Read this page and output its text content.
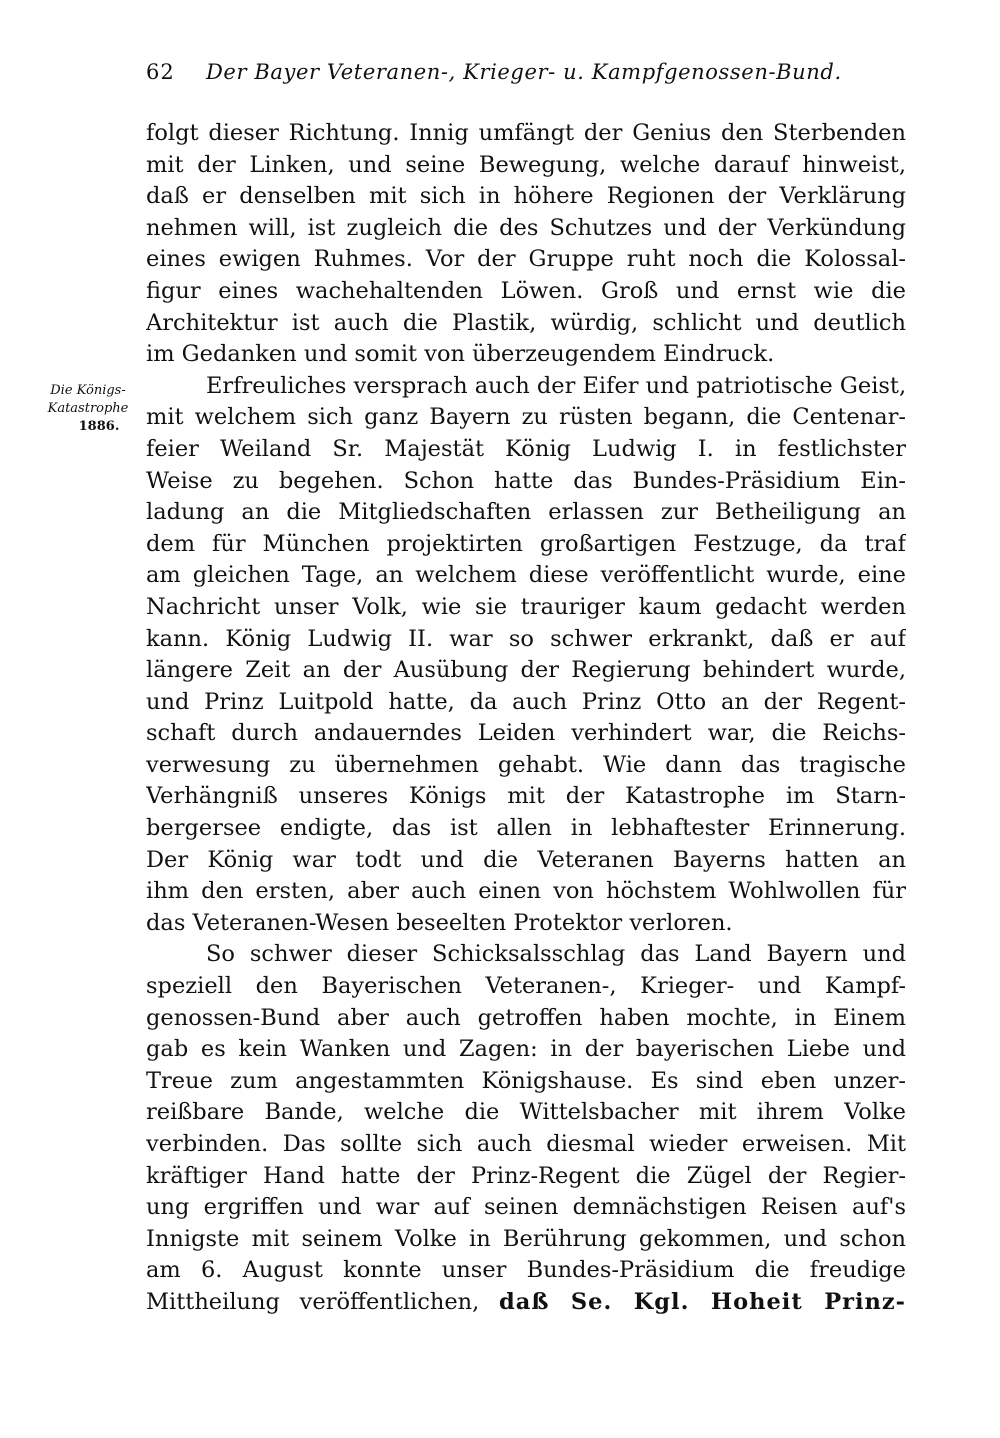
62 Der Bayer Veteranen-, Krieger- u. Kampfgenossen-Bund.
Die Königs-
Katastrophe
1886.
folgt dieser Richtung. Innig umfängt der Genius den Sterbenden
mit der Linken, und seine Bewegung, welche darauf hinweist,
daß er denselben mit sich in höhere Regionen der Verklärung
nehmen will, ist zugleich die des Schutzes und der Verkündung
eines ewigen Ruhmes. Vor der Gruppe ruht noch die Kolossal-
figur eines wachehaltenden Löwen. Groß und ernst wie die
Architektur ist auch die Plastik, würdig, schlicht und deutlich
im Gedanken und somit von überzeugendem Eindruck.
Erfreuliches versprach auch der Eifer und patriotische Geist,
mit welchem sich ganz Bayern zu rüsten begann, die Centenar-
feier Weiland Sr. Majestät König Ludwig I. in festlichster
Weise zu begehen. Schon hatte das Bundes-Präsidium Ein-
ladung an die Mitgliedschaften erlassen zur Betheiligung an
dem für München projektirten großartigen Festzuge, da traf
am gleichen Tage, an welchem diese veröffentlicht wurde, eine
Nachricht unser Volk, wie sie trauriger kaum gedacht werden
kann. König Ludwig II. war so schwer erkrankt, daß er auf
längere Zeit an der Ausübung der Regierung behindert wurde,
und Prinz Luitpold hatte, da auch Prinz Otto an der Regent-
schaft durch andauerndes Leiden verhindert war, die Reichs-
verwesung zu übernehmen gehabt. Wie dann das tragische
Verhängniß unseres Königs mit der Katastrophe im Starn-
bergersee endigte, das ist allen in lebhaftester Erinnerung.
Der König war todt und die Veteranen Bayerns hatten an
ihm den ersten, aber auch einen von höchstem Wohlwollen für
das Veteranen-Wesen beseelten Protektor verloren.
So schwer dieser Schicksalsschlag das Land Bayern und
speziell den Bayerischen Veteranen-, Krieger- und Kampf-
genossen-Bund aber auch getroffen haben mochte, in Einem
gab es kein Wanken und Zagen: in der bayerischen Liebe und
Treue zum angestammten Königshause. Es sind eben unzer-
reißbare Bande, welche die Wittelsbacher mit ihrem Volke
verbinden. Das sollte sich auch diesmal wieder erweisen. Mit
kräftiger Hand hatte der Prinz-Regent die Zügel der Regier-
ung ergriffen und war auf seinen demnächstigen Reisen auf's
Innigste mit seinem Volke in Berührung gekommen, und schon
am 6. August konnte unser Bundes-Präsidium die freudige
Mittheilung veröffentlichen, daß Se. Kgl. Hoheit Prinz-
